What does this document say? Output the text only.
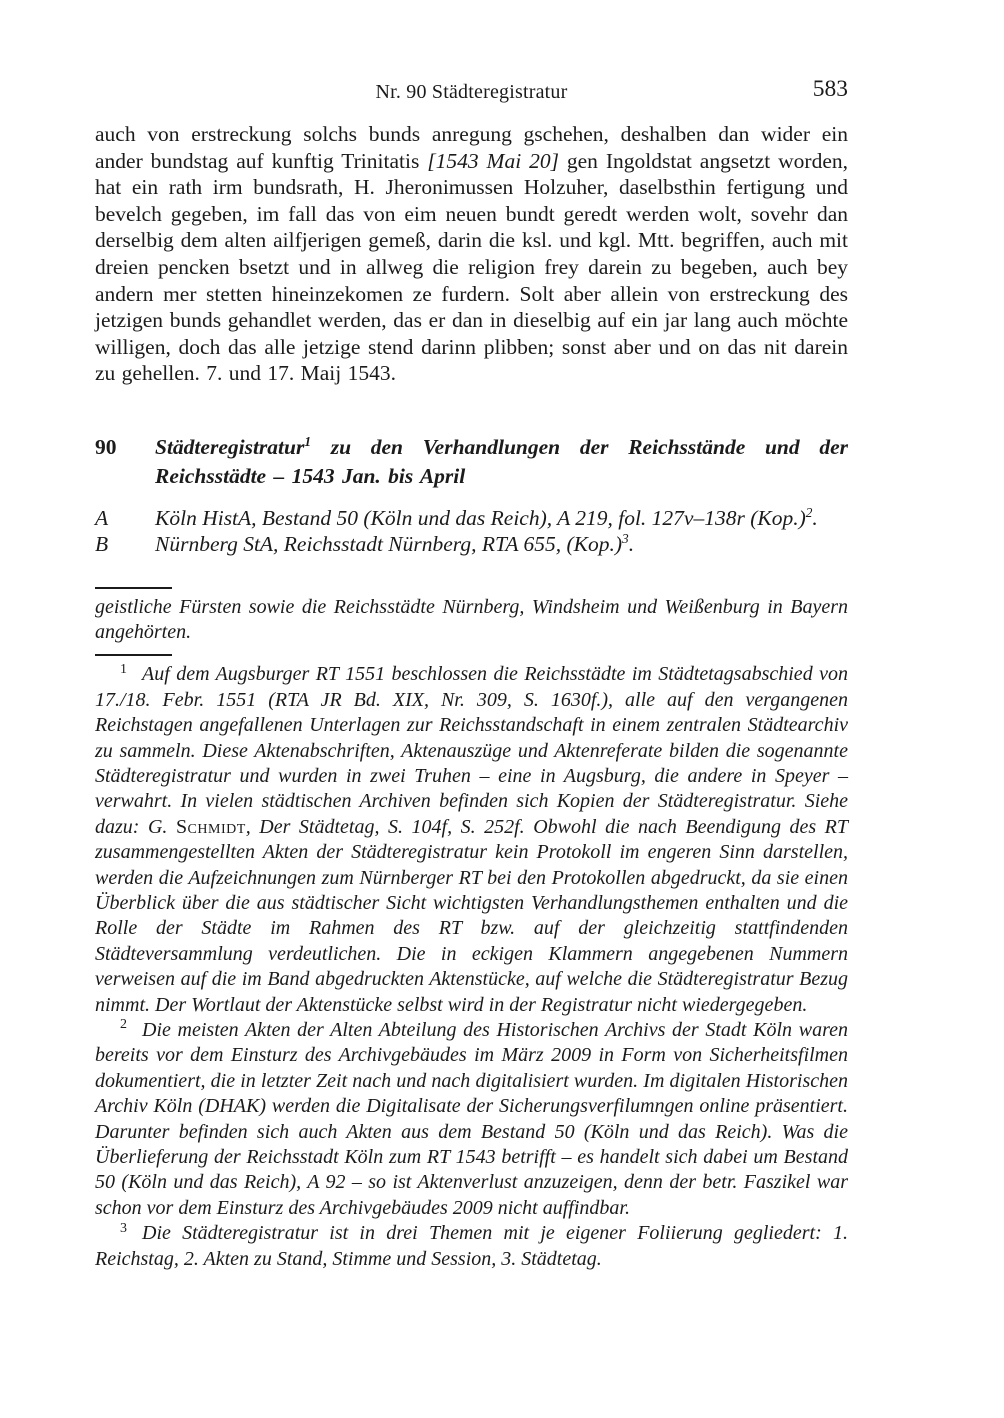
Nr. 90 Städteregistratur	583

auch von erstreckung solchs bunds anregung gschehen, deshalben dan wider ein ander bundstag auf kunftig Trinitatis [1543 Mai 20] gen Ingoldstat angsetzt worden, hat ein rath irm bundsrath, H. Jheronimussen Holzuher, daselbsthin fertigung und bevelch gegeben, im fall das von eim neuen bundt geredt werden wolt, sovehr dan derselbig dem alten ailfjerigen gemeß, darin die ksl. und kgl. Mtt. begriffen, auch mit dreien pencken bsetzt und in allweg die religion frey darein zu begeben, auch bey andern mer stetten hineinzekomen ze furdern. Solt aber allein von erstreckung des jetzigen bunds gehandlet werden, das er dan in dieselbig auf ein jar lang auch möchte willigen, doch das alle jetzige stend darinn plibben; sonst aber und on das nit darein zu gehellen. 7. und 17. Maij 1543.

90 Städteregistratur$^1$ zu den Verhandlungen der Reichsstände und der Reichsstädte – 1543 Jan. bis April
A Köln HistA, Bestand 50 (Köln und das Reich), A 219, fol. 127v–138r (Kop.)$^2$.
B Nürnberg StA, Reichsstadt Nürnberg, RTA 655, (Kop.)$^3$.

geistliche Fürsten sowie die Reichsstädte Nürnberg, Windsheim und Weißenburg in Bayern angehörten.

$^1$ Auf dem Augsburger RT 1551 beschlossen die Reichsstädte im Städtetagsabschied von 17./18. Febr. 1551 (RTA JR Bd. XIX, Nr. 309, S. 1630f.), alle auf den vergangenen Reichstagen angefallenen Unterlagen zur Reichsstandschaft in einem zentralen Städtearchiv zu sammeln. Diese Aktenabschriften, Aktenauszüge und Aktenreferate bilden die sogenannte Städteregistratur und wurden in zwei Truhen – eine in Augsburg, die andere in Speyer – verwahrt. In vielen städtischen Archiven befinden sich Kopien der Städteregistratur. Siehe dazu: G. Schmidt, Der Städtetag, S. 104f, S. 252f. Obwohl die nach Beendigung des RT zusammengestellten Akten der Städteregistratur kein Protokoll im engeren Sinn darstellen, werden die Aufzeichnungen zum Nürnberger RT bei den Protokollen abgedruckt, da sie einen Überblick über die aus städtischer Sicht wichtigsten Verhandlungsthemen enthalten und die Rolle der Städte im Rahmen des RT bzw. auf der gleichzeitig stattfindenden Städteversammlung verdeutlichen. Die in eckigen Klammern angegebenen Nummern verweisen auf die im Band abgedruckten Aktenstücke, auf welche die Städteregistratur Bezug nimmt. Der Wortlaut der Aktenstücke selbst wird in der Registratur nicht wiedergegeben.

$^2$ Die meisten Akten der Alten Abteilung des Historischen Archivs der Stadt Köln waren bereits vor dem Einsturz des Archivgebäudes im März 2009 in Form von Sicherheitsfilmen dokumentiert, die in letzter Zeit nach und nach digitalisiert wurden. Im digitalen Historischen Archiv Köln (DHAK) werden die Digitalisate der Sicherungsverfilumngen online präsentiert. Darunter befinden sich auch Akten aus dem Bestand 50 (Köln und das Reich). Was die Überlieferung der Reichsstadt Köln zum RT 1543 betrifft – es handelt sich dabei um Bestand 50 (Köln und das Reich), A 92 – so ist Aktenverlust anzuzeigen, denn der betr. Faszikel war schon vor dem Einsturz des Archivgebäudes 2009 nicht auffindbar.

$^3$ Die Städteregistratur ist in drei Themen mit je eigener Foliierung gegliedert: 1. Reichstag, 2. Akten zu Stand, Stimme und Session, 3. Städtetag.
